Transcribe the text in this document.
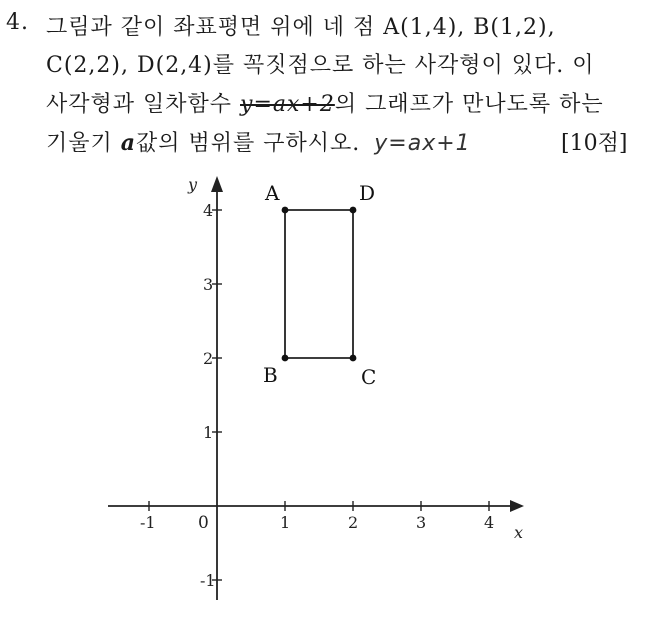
4. 그림과 같이 좌표평면 위에 네 점 A(1,4), B(1,2),
C(2,2), D(2,4)를 꼭짓점으로 하는 사각형이 있다. 이
사각형과 일차함수 y=ax+2의 그래프가 만나도록 하는
기울기 a값의 범위를 구하시오. y=ax+1	[10점]
-1	1	2	3	4
4
3
2
1
-1
x
y
0
A
B	C
D
